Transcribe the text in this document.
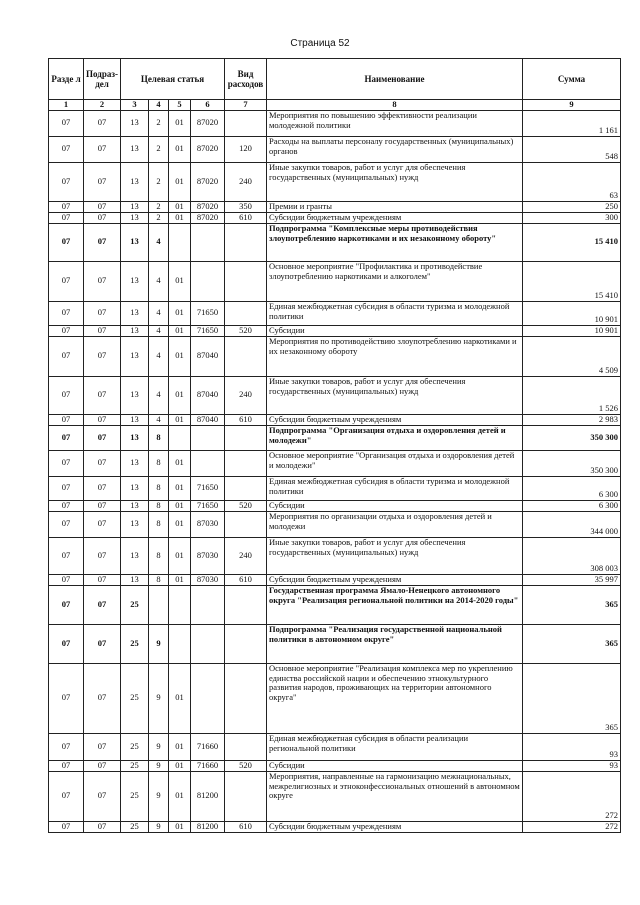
Страница 52
Разде л	Подраз- дел	Целевая статья				Вид расходов	Наименование	Сумма
1	2	3	4	5	6	7	8	9
07	07	13	2	01	87020		Мероприятия по повышению эффективности реализации молодежной политики	1 161
07	07	13	2	01	87020	120	Расходы на выплаты персоналу государственных (муниципальных) органов	548
07	07	13	2	01	87020	240	Иные закупки товаров, работ и услуг для обеспечения государственных (муниципальных) нужд	63
07	07	13	2	01	87020	350	Премии и гранты	250
07	07	13	2	01	87020	610	Субсидии бюджетным учреждениям	300
07	07	13	4				Подпрограмма "Комплексные меры противодействия злоупотреблению наркотиками и их незаконному обороту"	15 410
07	07	13	4	01			Основное мероприятие "Профилактика и противодействие злоупотреблению наркотиками и алкоголем"	15 410
07	07	13	4	01	71650		Единая межбюджетная субсидия в области туризма и молодежной политики	10 901
07	07	13	4	01	71650	520	Субсидии	10 901
07	07	13	4	01	87040		Мероприятия по противодействию злоупотреблению наркотиками и их незаконному обороту	4 509
07	07	13	4	01	87040	240	Иные закупки товаров, работ и услуг для обеспечения государственных (муниципальных) нужд	1 526
07	07	13	4	01	87040	610	Субсидии бюджетным учреждениям	2 983
07	07	13	8				Подпрограмма "Организация отдыха и оздоровления детей и молодежи"	350 300
07	07	13	8	01			Основное мероприятие "Организация отдыха и оздоровления детей и молодежи"	350 300
07	07	13	8	01	71650		Единая межбюджетная субсидия в области туризма и молодежной политики	6 300
07	07	13	8	01	71650	520	Субсидии	6 300
07	07	13	8	01	87030		Мероприятия по организации отдыха и оздоровления детей и молодежи	344 000
07	07	13	8	01	87030	240	Иные закупки товаров, работ и услуг для обеспечения государственных (муниципальных) нужд	308 003
07	07	13	8	01	87030	610	Субсидии бюджетным учреждениям	35 997
07	07	25					Государственная программа Ямало-Ненецкого автономного округа "Реализация региональной политики на 2014-2020 годы"	365
07	07	25	9				Подпрограмма "Реализация государственной национальной политики в автономном округе"	365
07	07	25	9	01			Основное мероприятие "Реализация комплекса мер по укреплению единства российской нации и обеспечению этнокультурного развития народов, проживающих на территории автономного округа"	365
07	07	25	9	01	71660		Единая межбюджетная субсидия в области реализации региональной политики	93
07	07	25	9	01	71660	520	Субсидии	93
07	07	25	9	01	81200		Мероприятия, направленные на гармонизацию межнациональных, межрелигиозных и этноконфессиональных отношений в автономном округе	272
07	07	25	9	01	81200	610	Субсидии бюджетным учреждениям	272
